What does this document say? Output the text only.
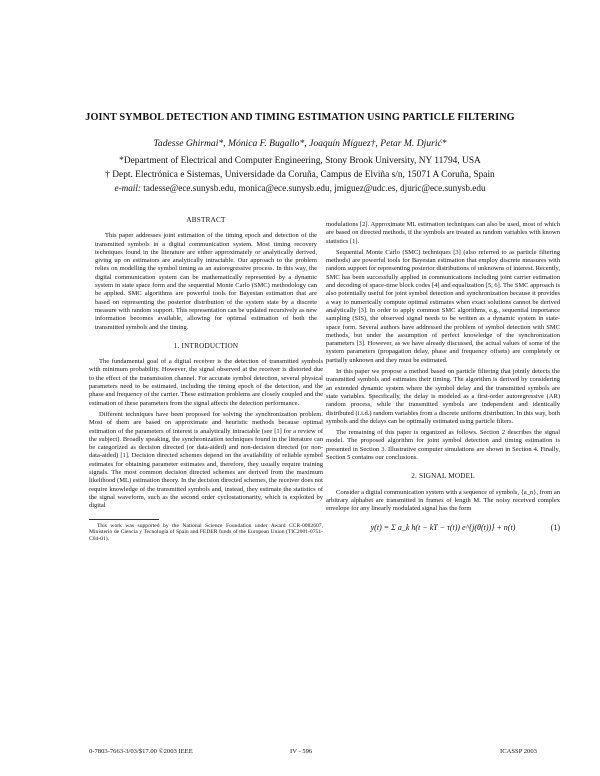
JOINT SYMBOL DETECTION AND TIMING ESTIMATION USING PARTICLE FILTERING
Tadesse Ghirmai*, Mónica F. Bugallo*, Joaquín Míguez†, Petar M. Djurić*
*Department of Electrical and Computer Engineering, Stony Brook University, NY 11794, USA
† Dept. Electrónica e Sistemas, Universidade da Coruña, Campus de Elviña s/n, 15071 A Coruña, Spain
e-mail: tadesse@ece.sunysb.edu, monica@ece.sunysb.edu, jmiguez@udc.es, djuric@ece.sunysb.edu
ABSTRACT

This paper addresses joint estimation of the timing epoch and detection of the transmitted symbols in a digital communication system. Most timing recovery techniques found in the literature are either approximately or analytically derived, giving up on estimators are analytically intractable. Our approach to the problem relies on modelling the symbol timing as an autoregressive process. In this way, the digital communication system can be mathematically represented by a dynamic system in state space form and the sequential Monte Carlo (SMC) methodology can be applied. SMC algorithms are powerful tools for Bayesian estimation that are based on representing the posterior distribution of the system state by a discrete measure with random support. This representation can be updated recursively as new information becomes available, allowing for optimal estimation of both the transmitted symbols and the timing.

1. INTRODUCTION

The fundamental goal of a digital receiver is the detection of transmitted symbols with minimum probability. However, the signal observed at the receiver is distorted due to the effect of the transmission channel. For accurate symbol detection, several physical parameters need to be estimated, including the timing epoch of the detection, and the phase and frequency of the carrier. These estimation problems are closely coupled and the estimation of these parameters from the signal affects the detection performance.

Different techniques have been proposed for solving the synchronization problem. Most of them are based on approximate and heuristic methods because optimal estimation of the parameters of interest is analytically intractable (see [1] for a review of the subject). Broadly speaking, the synchronization techniques found in the literature can be categorized as decision directed (or data-aided) and non-decision directed (or non-data-aided) [1]. Decision directed schemes depend on the availability of reliable symbol estimates for obtaining parameter estimates and, therefore, they usually require training signals. The most common decision directed schemes are derived from the maximum likelihood (ML) estimation theory. In the decision directed schemes, the receiver does not require knowledge of the transmitted symbols and, instead, they estimate the statistics of the signal waveform, such as the second order cyclostationarity, which is exploited by digital

This work was supported by the National Science Foundation under Award CCR-0082607, Ministerio de Ciencia y Tecnología of Spain and FEDER funds of the European Union (TIC2001-0751-C04-01).

modulations [2]. Approximate ML estimation techniques can also be used, most of which are based on directed methods, if the symbols are treated as random variables with known statistics [1].

Sequential Monte Carlo (SMC) techniques [3] (also referred to as particle filtering methods) are powerful tools for Bayesian estimation that employ discrete measures with random support for representing posterior distributions of unknowns of interest. Recently, SMC has been successfully applied in communications including joint carrier estimation and decoding of space-time block codes [4] and equalization [5, 6]. The SMC approach is also potentially useful for joint symbol detection and synchronization because it provides a way to numerically compute optimal estimates when exact solutions cannot be derived analytically [3]. In order to apply common SMC algorithms, e.g., sequential importance sampling (SIS), the observed signal needs to be written as a dynamic system in state-space form. Several authors have addressed the problem of symbol detection with SMC methods, but under the assumption of perfect knowledge of the synchronization parameters [3]. However, as we have already discussed, the actual values of some of the system parameters (propagation delay, phase and frequency offsets) are completely or partially unknown and they must be estimated.

In this paper we propose a method based on particle filtering that jointly detects the transmitted symbols and estimates their timing. The algorithm is derived by considering an extended dynamic system where the symbol delay and the transmitted symbols are state variables. Specifically, the delay is modeled as a first-order autoregressive (AR) random process, while the transmitted symbols are independent and identically distributed (i.i.d.) random variables from a discrete uniform distribution. In this way, both symbols and the delays can be optimally estimated using particle filters.

The remaining of this paper is organized as follows. Section 2 describes the signal model. The proposed algorithm for joint symbol detection and timing estimation is presented in Section 3. Illustrative computer simulations are shown in Section 4. Finally, Section 5 contains our conclusions.

2. SIGNAL MODEL

Consider a digital communication system with a sequence of symbols, {a_n}, from an arbitrary alphabet are transmitted in frames of length M. The noisy received complex envelope for any linearly modulated signal has the form

y(t) = Σ a_k h(t − kT − τ(t)) e^{j(θ(t))} + n(t)	(1)
0-7803-7663-3/03/$17.00 ©2003 IEEE	IV - 596	ICASSP 2003
